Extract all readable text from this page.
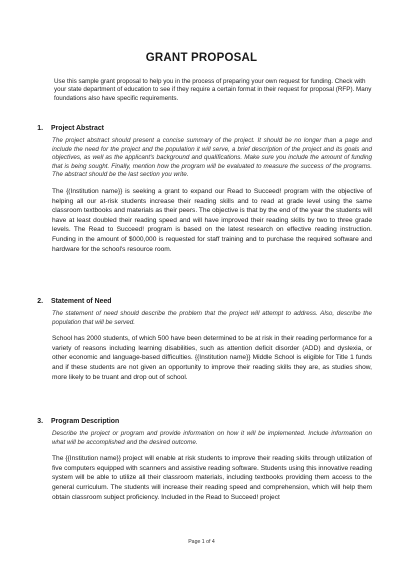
GRANT PROPOSAL
Use this sample grant proposal to help you in the process of preparing your own request for funding. Check with your state department of education to see if they require a certain format in their request for proposal (RFP). Many foundations also have specific requirements.
1. Project Abstract
The project abstract should present a concise summary of the project. It should be no longer than a page and include the need for the project and the population it will serve, a brief description of the project and its goals and objectives, as well as the applicant's background and qualifications. Make sure you include the amount of funding that is being sought. Finally, mention how the program will be evaluated to measure the success of the programs. The abstract should be the last section you write.
The {(Institution name}} is seeking a grant to expand our Read to Succeed! program with the objective of helping all our at-risk students increase their reading skills and to read at grade level using the same classroom textbooks and materials as their peers. The objective is that by the end of the year the students will have at least doubled their reading speed and will have improved their reading skills by two to three grade levels. The Read to Succeed! program is based on the latest research on effective reading instruction. Funding in the amount of $000,000 is requested for staff training and to purchase the required software and hardware for the school's resource room.
2. Statement of Need
The statement of need should describe the problem that the project will attempt to address. Also, describe the population that will be served.
School has 2000 students, of which 500 have been determined to be at risk in their reading performance for a variety of reasons including learning disabilities, such as attention deficit disorder (ADD) and dyslexia, or other economic and language-based difficulties. {{Institution name}} Middle School is eligible for Title 1 funds and if these students are not given an opportunity to improve their reading skills they are, as studies show, more likely to be truant and drop out of school.
3. Program Description
Describe the project or program and provide information on how it will be implemented. Include information on what will be accomplished and the desired outcome.
The {{Institution name}} project will enable at risk students to improve their reading skills through utilization of five computers equipped with scanners and assistive reading software. Students using this innovative reading system will be able to utilize all their classroom materials, including textbooks providing them access to the general curriculum. The students will increase their reading speed and comprehension, which will help them obtain classroom subject proficiency. Included in the Read to Succeed! project
Page 1 of 4
